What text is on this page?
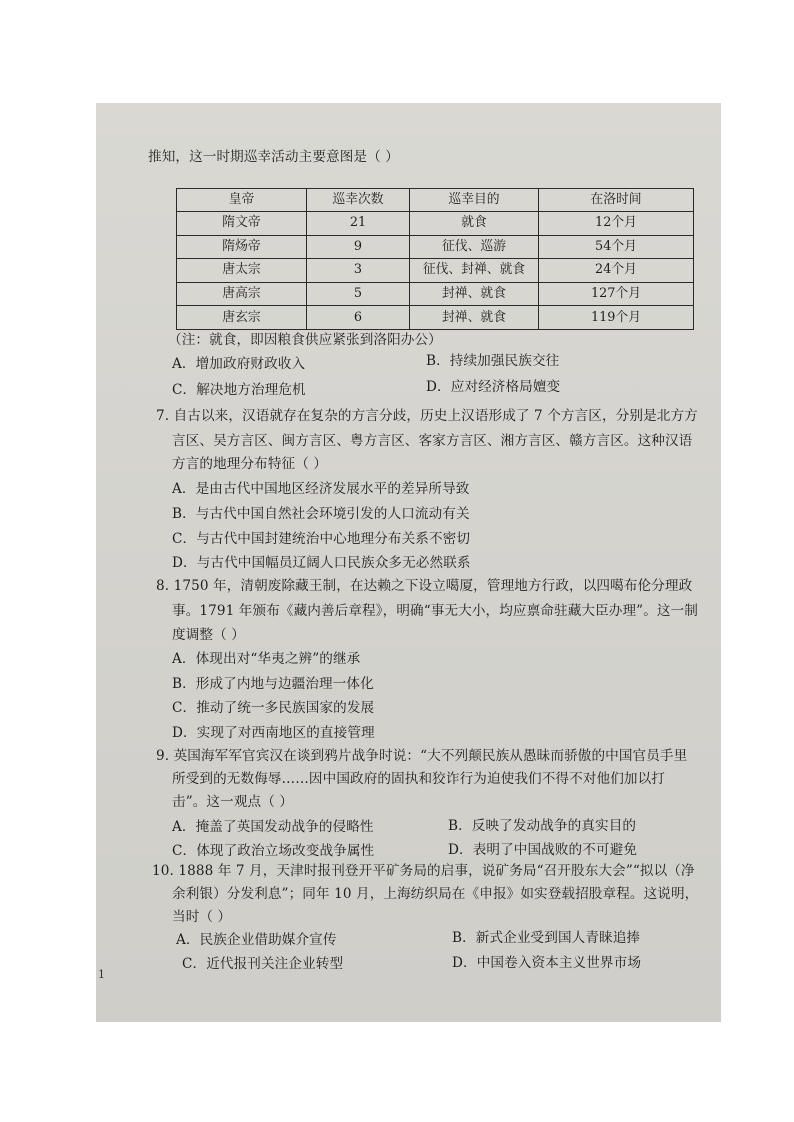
推知，这一时期巡幸活动主要意图是（ ）
皇帝	巡幸次数	巡幸目的	在洛时间
隋文帝	21	就食	12个月
隋炀帝	9	征伐、巡游	54个月
唐太宗	3	征伐、封禅、就食	24个月
唐高宗	5	封禅、就食	127个月
唐玄宗	6	封禅、就食	119个月
（注：就食，即因粮食供应紧张到洛阳办公）
A．增加政府财政收入	B．持续加强民族交往
C．解决地方治理危机	D．应对经济格局嬗变
7. 自古以来，汉语就存在复杂的方言分歧，历史上汉语形成了 7 个方言区，分别是北方方
言区、吴方言区、闽方言区、粤方言区、客家方言区、湘方言区、赣方言区。这种汉语
方言的地理分布特征（ ）
A．是由古代中国地区经济发展水平的差异所导致
B．与古代中国自然社会环境引发的人口流动有关
C．与古代中国封建统治中心地理分布关系不密切
D．与古代中国幅员辽阔人口民族众多无必然联系
8. 1750 年，清朝废除藏王制，在达赖之下设立噶厦，管理地方行政，以四噶布伦分理政
事。1791 年颁布《藏内善后章程》，明确“事无大小，均应禀命驻藏大臣办理”。这一制
度调整（ ）
A．体现出对“华夷之辨”的继承
B．形成了内地与边疆治理一体化
C．推动了统一多民族国家的发展
D．实现了对西南地区的直接管理
9. 英国海军军官宾汉在谈到鸦片战争时说：“大不列颠民族从愚昧而骄傲的中国官员手里
所受到的无数侮辱……因中国政府的固执和狡诈行为迫使我们不得不对他们加以打
击”。这一观点（ ）
A．掩盖了英国发动战争的侵略性	B．反映了发动战争的真实目的
C．体现了政治立场改变战争属性	D．表明了中国战败的不可避免
10. 1888 年 7 月，天津时报刊登开平矿务局的启事，说矿务局“召开股东大会”“拟以（净
余利银）分发利息”；同年 10 月，上海纺织局在《申报》如实登载招股章程。这说明，
当时（ ）
A．民族企业借助媒介宣传	B．新式企业受到国人青睐追捧
C．近代报刊关注企业转型	D．中国卷入资本主义世界市场
1
